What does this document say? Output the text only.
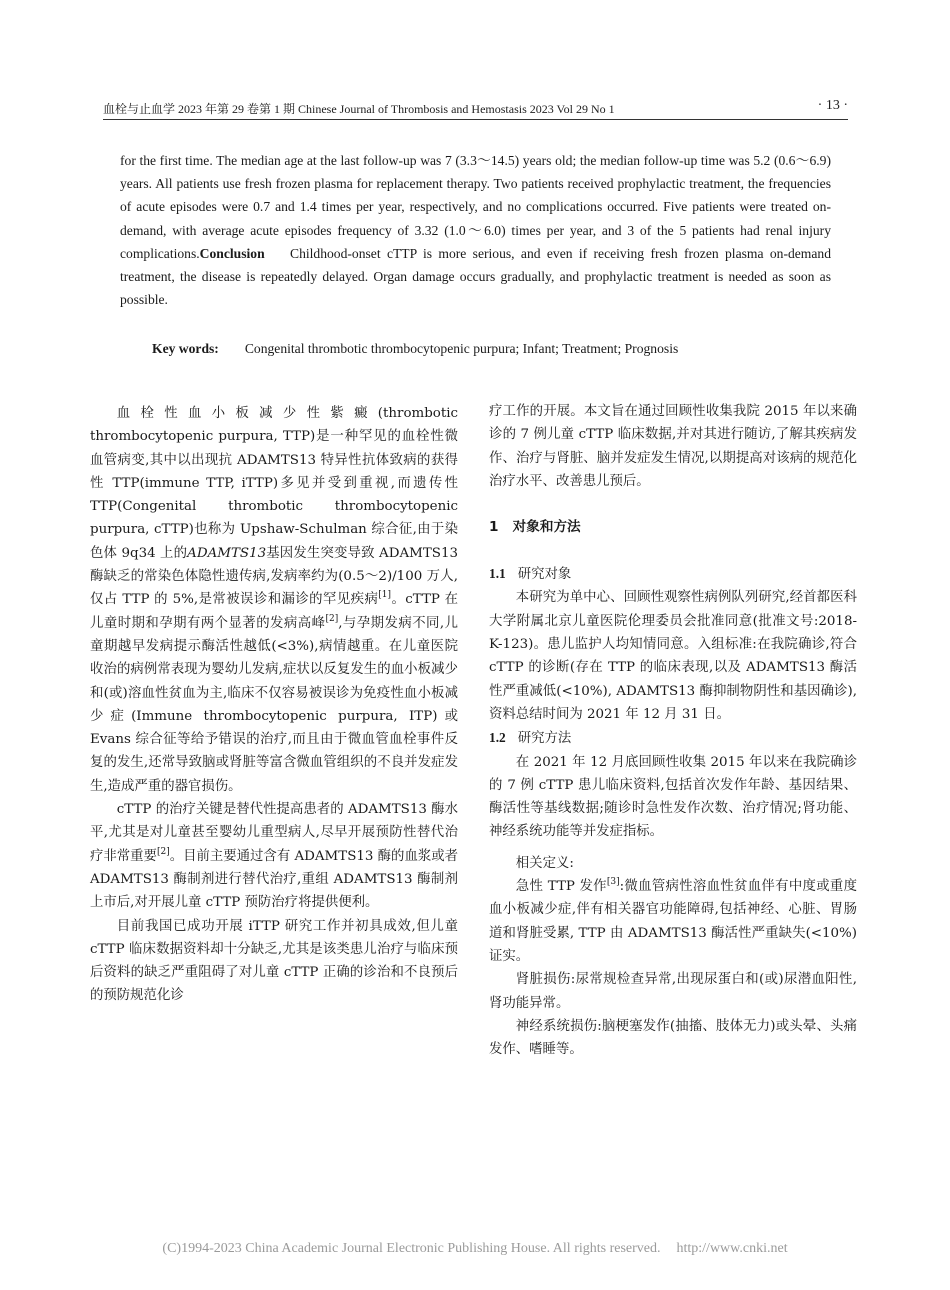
血栓与止血学 2023 年第 29 卷第 1 期 Chinese Journal of Thrombosis and Hemostasis 2023 Vol 29 No 1	· 13 ·
for the first time. The median age at the last follow-up was 7 (3.3～14.5) years old; the median follow-up time was 5.2 (0.6～6.9) years. All patients use fresh frozen plasma for replacement therapy. Two patients received prophylactic treatment, the frequencies of acute episodes were 0.7 and 1.4 times per year, respectively, and no complications occurred. Five patients were treated on-demand, with average acute episodes frequency of 3.32 (1.0～6.0) times per year, and 3 of the 5 patients had renal injury complications.Conclusion Childhood-onset cTTP is more serious, and even if receiving fresh frozen plasma on-demand treatment, the disease is repeatedly delayed. Organ damage occurs gradually, and prophylactic treatment is needed as soon as possible.
Key words: Congenital thrombotic thrombocytopenic purpura; Infant; Treatment; Prognosis

血栓性血小板减少性紫癜(thrombotic thrombocytopenic purpura, TTP)是一种罕见的血栓性微血管病变,其中以出现抗 ADAMTS13 特异性抗体致病的获得性 TTP(immune TTP, iTTP)多见并受到重视,而遗传性 TTP(Congenital thrombotic thrombocytopenic purpura, cTTP)也称为 Upshaw-Schulman 综合征,由于染色体 9q34 上的ADAMTS13基因发生突变导致 ADAMTS13 酶缺乏的常染色体隐性遗传病,发病率约为(0.5～2)/100 万人,仅占 TTP 的 5%,是常被误诊和漏诊的罕见疾病[1]。cTTP 在儿童时期和孕期有两个显著的发病高峰[2],与孕期发病不同,儿童期越早发病提示酶活性越低(<3%),病情越重。在儿童医院收治的病例常表现为婴幼儿发病,症状以反复发生的血小板减少和(或)溶血性贫血为主,临床不仅容易被误诊为免疫性血小板减少症(Immune thrombocytopenic purpura, ITP)或 Evans 综合征等给予错误的治疗,而且由于微血管血栓事件反复的发生,还常导致脑或肾脏等富含微血管组织的不良并发症发生,造成严重的器官损伤。

cTTP 的治疗关键是替代性提高患者的 ADAMTS13 酶水平,尤其是对儿童甚至婴幼儿重型病人,尽早开展预防性替代治疗非常重要[2]。目前主要通过含有 ADAMTS13 酶的血浆或者 ADAMTS13 酶制剂进行替代治疗,重组 ADAMTS13 酶制剂上市后,对开展儿童 cTTP 预防治疗将提供便利。

目前我国已成功开展 iTTP 研究工作并初具成效,但儿童 cTTP 临床数据资料却十分缺乏,尤其是该类患儿治疗与临床预后资料的缺乏严重阻碍了对儿童 cTTP 正确的诊治和不良预后的预防规范化诊

疗工作的开展。本文旨在通过回顾性收集我院 2015 年以来确诊的 7 例儿童 cTTP 临床数据,并对其进行随访,了解其疾病发作、治疗与肾脏、脑并发症发生情况,以期提高对该病的规范化治疗水平、改善患儿预后。

1 对象和方法
1.1 研究对象

本研究为单中心、回顾性观察性病例队列研究,经首都医科大学附属北京儿童医院伦理委员会批准同意(批准文号:2018-K-123)。患儿监护人均知情同意。入组标准:在我院确诊,符合 cTTP 的诊断(存在 TTP 的临床表现,以及 ADAMTS13 酶活性严重减低(<10%), ADAMTS13 酶抑制物阴性和基因确诊),资料总结时间为 2021 年 12 月 31 日。

1.2 研究方法

在 2021 年 12 月底回顾性收集 2015 年以来在我院确诊的 7 例 cTTP 患儿临床资料,包括首次发作年龄、基因结果、酶活性等基线数据;随诊时急性发作次数、治疗情况;肾功能、神经系统功能等并发症指标。

相关定义:

急性 TTP 发作[3]:微血管病性溶血性贫血伴有中度或重度血小板减少症,伴有相关器官功能障碍,包括神经、心脏、胃肠道和肾脏受累, TTP 由 ADAMTS13 酶活性严重缺失(<10%)证实。

肾脏损伤:尿常规检查异常,出现尿蛋白和(或)尿潜血阳性,肾功能异常。

神经系统损伤:脑梗塞发作(抽搐、肢体无力)或头晕、头痛发作、嗜睡等。

(C)1994-2023 China Academic Journal Electronic Publishing House. All rights reserved. http://www.cnki.net
